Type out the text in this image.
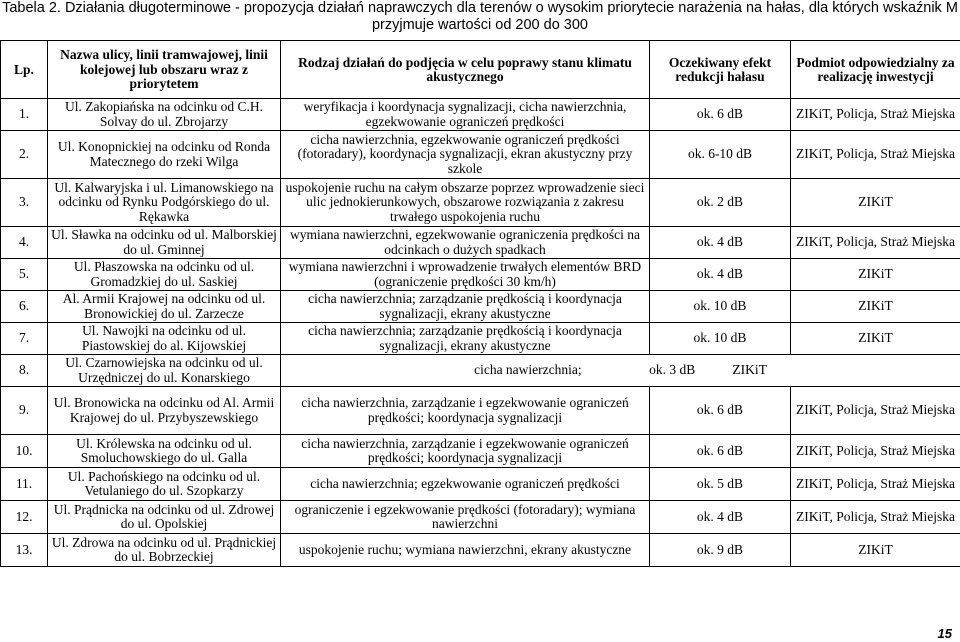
Tabela 2. Działania długoterminowe - propozycja działań naprawczych dla terenów o wysokim priorytecie narażenia na hałas, dla których wskaźnik M przyjmuje wartości od 200 do 300
Lp.	Nazwa ulicy, linii tramwajowej, linii kolejowej lub obszaru wraz z priorytetem	Rodzaj działań do podjęcia w celu poprawy stanu klimatu akustycznego	Oczekiwany efekt redukcji hałasu	Podmiot odpowiedzialny za realizację inwestycji
1.	Ul. Zakopiańska na odcinku od C.H. Solvay do ul. Zbrojarzy	weryfikacja i koordynacja sygnalizacji, cicha nawierzchnia, egzekwowanie ograniczeń prędkości	ok. 6 dB	ZIKiT, Policja, Straż Miejska
2.	Ul. Konopnickiej na odcinku od Ronda Matecznego do rzeki Wilga	cicha nawierzchnia, egzekwowanie ograniczeń prędkości (fotoradary), koordynacja sygnalizacji, ekran akustyczny przy szkole	ok. 6-10 dB	ZIKiT, Policja, Straż Miejska
3.	Ul. Kalwaryjska i ul. Limanowskiego na odcinku od Rynku Podgórskiego do ul. Rękawka	uspokojenie ruchu na całym obszarze poprzez wprowadzenie sieci ulic jednokierunkowych, obszarowe rozwiązania z zakresu trwałego uspokojenia ruchu	ok. 2 dB	ZIKiT
4.	Ul. Sławka na odcinku od ul. Malborskiej do ul. Gminnej	wymiana nawierzchni, egzekwowanie ograniczenia prędkości na odcinkach o dużych spadkach	ok. 4 dB	ZIKiT, Policja, Straż Miejska
5.	Ul. Płaszowska na odcinku od ul. Gromadzkiej do ul. Saskiej	wymiana nawierzchni i wprowadzenie trwałych elementów BRD (ograniczenie prędkości 30 km/h)	ok. 4 dB	ZIKiT
6.	Al. Armii Krajowej na odcinku od ul. Bronowickiej do ul. Zarzecze	cicha nawierzchnia; zarządzanie prędkością i koordynacja sygnalizacji, ekrany akustyczne	ok. 10 dB	ZIKiT
7.	Ul. Nawojki na odcinku od ul. Piastowskiej do al. Kijowskiej	cicha nawierzchnia; zarządzanie prędkością i koordynacja sygnalizacji, ekrany akustyczne	ok. 10 dB	ZIKiT
8.	Ul. Czarnowiejska na odcinku od ul. Urzędniczej do ul. Konarskiego	cicha nawierzchnia; ok. 3 dB ZIKiT		
9.	Ul. Bronowicka na odcinku od Al. Armii Krajowej do ul. Przybyszewskiego	cicha nawierzchnia, zarządzanie i egzekwowanie ograniczeń prędkości; koordynacja sygnalizacji	ok. 6 dB	ZIKiT, Policja, Straż Miejska
10.	Ul. Królewska na odcinku od ul. Smoluchowskiego do ul. Galla	cicha nawierzchnia, zarządzanie i egzekwowanie ograniczeń prędkości; koordynacja sygnalizacji	ok. 6 dB	ZIKiT, Policja, Straż Miejska
11.	Ul. Pachońskiego na odcinku od ul. Vetulaniego do ul. Szopkarzy	cicha nawierzchnia; egzekwowanie ograniczeń prędkości	ok. 5 dB	ZIKiT, Policja, Straż Miejska
12.	Ul. Prądnicka na odcinku od ul. Zdrowej do ul. Opolskiej	ograniczenie i egzekwowanie prędkości (fotoradary); wymiana nawierzchni	ok. 4 dB	ZIKiT, Policja, Straż Miejska
13.	Ul. Zdrowa na odcinku od ul. Prądnickiej do ul. Bobrzeckiej	uspokojenie ruchu; wymiana nawierzchni, ekrany akustyczne	ok. 9 dB	ZIKiT
15
